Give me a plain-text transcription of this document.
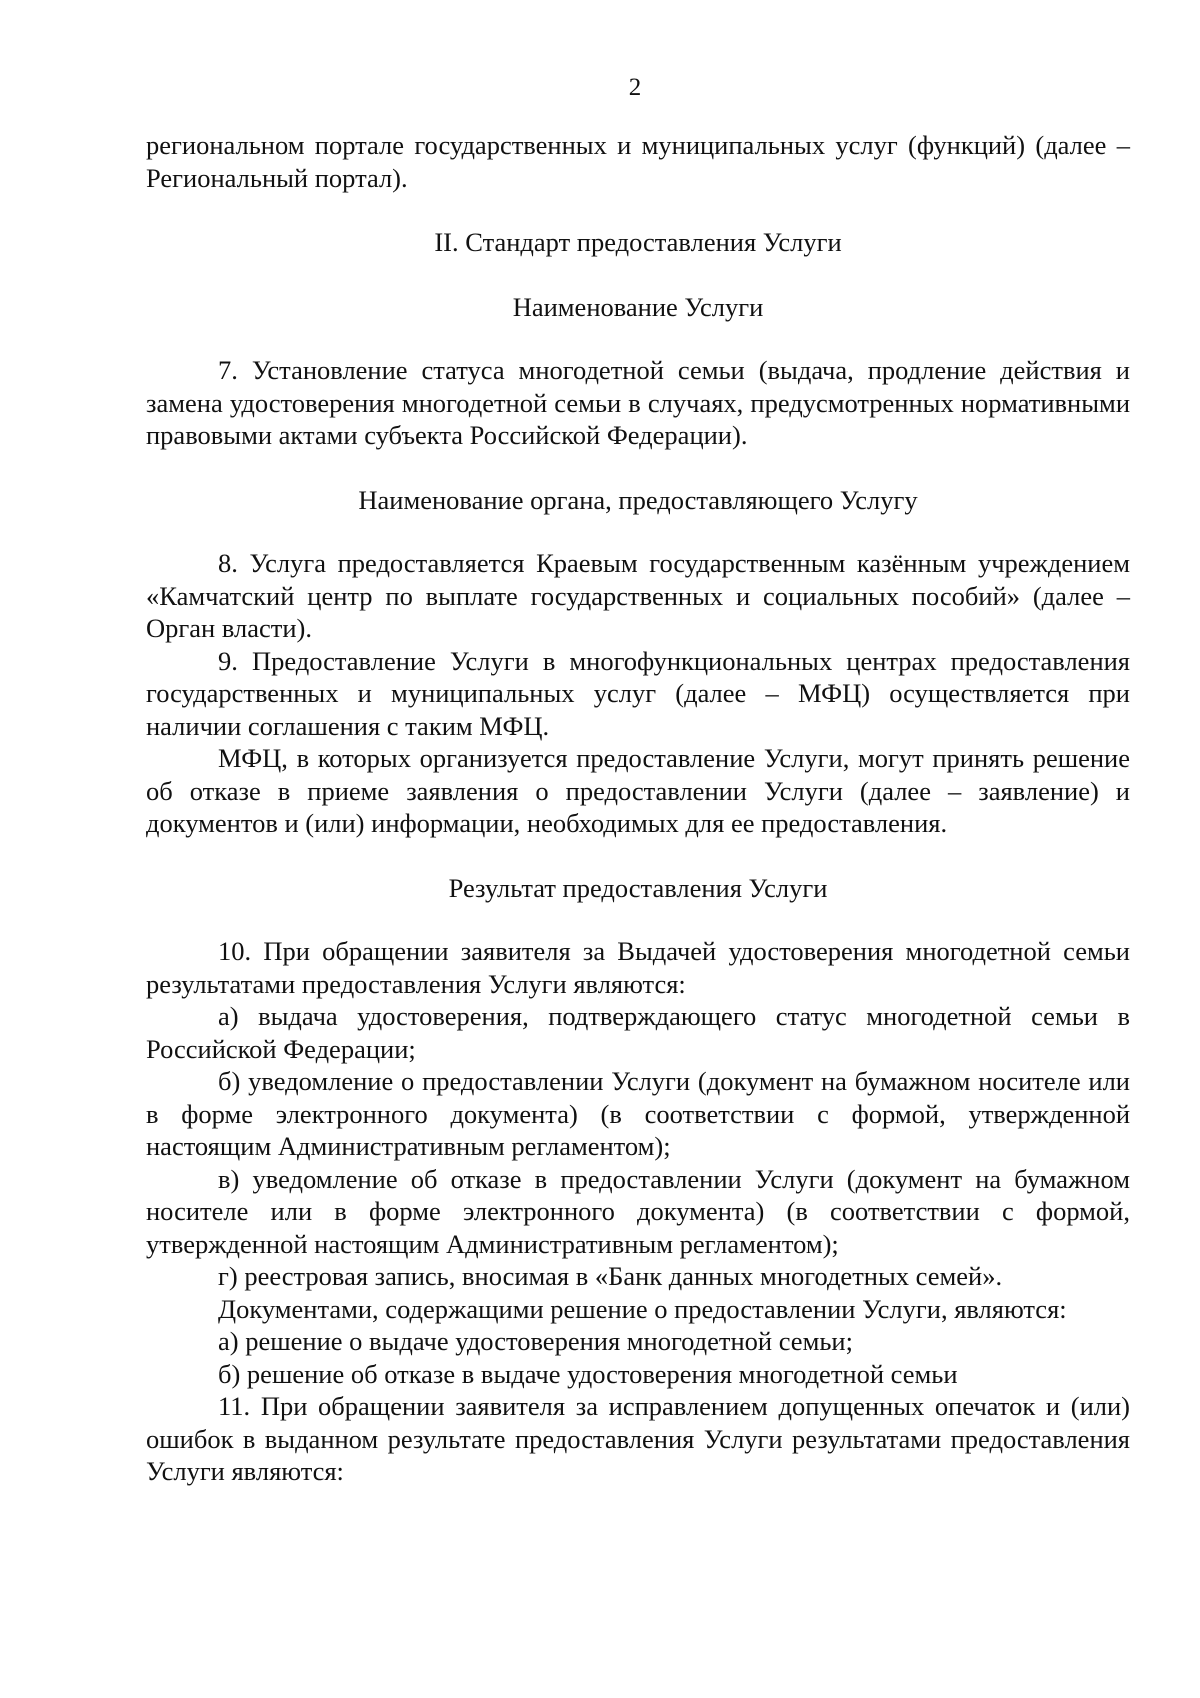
2

региональном портале государственных и муниципальных услуг (функций) (далее – Региональный портал).

II. Стандарт предоставления Услуги

Наименование Услуги

7. Установление статуса многодетной семьи (выдача, продление действия и замена удостоверения многодетной семьи в случаях, предусмотренных нормативными правовыми актами субъекта Российской Федерации).

Наименование органа, предоставляющего Услугу

8. Услуга предоставляется Краевым государственным казённым учреждением «Камчатский центр по выплате государственных и социальных пособий» (далее – Орган власти).

9. Предоставление Услуги в многофункциональных центрах предоставления государственных и муниципальных услуг (далее – МФЦ) осуществляется при наличии соглашения с таким МФЦ.

МФЦ, в которых организуется предоставление Услуги, могут принять решение об отказе в приеме заявления о предоставлении Услуги (далее – заявление) и документов и (или) информации, необходимых для ее предоставления.

Результат предоставления Услуги

10. При обращении заявителя за Выдачей удостоверения многодетной семьи результатами предоставления Услуги являются:

а) выдача удостоверения, подтверждающего статус многодетной семьи в Российской Федерации;

б) уведомление о предоставлении Услуги (документ на бумажном носителе или в форме электронного документа) (в соответствии с формой, утвержденной настоящим Административным регламентом);

в) уведомление об отказе в предоставлении Услуги (документ на бумажном носителе или в форме электронного документа) (в соответствии с формой, утвержденной настоящим Административным регламентом);

г) реестровая запись, вносимая в «Банк данных многодетных семей».

Документами, содержащими решение о предоставлении Услуги, являются:

а) решение о выдаче удостоверения многодетной семьи;

б) решение об отказе в выдаче удостоверения многодетной семьи

11. При обращении заявителя за исправлением допущенных опечаток и (или) ошибок в выданном результате предоставления Услуги результатами предоставления Услуги являются:
